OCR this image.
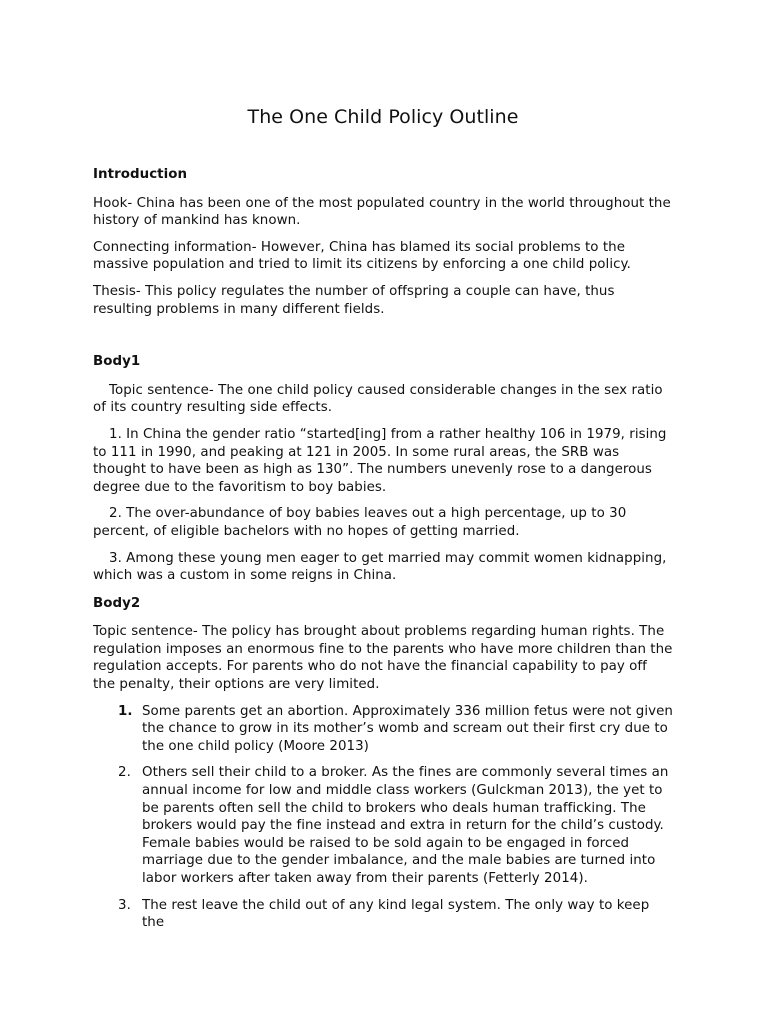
The One Child Policy Outline
Introduction

Hook- China has been one of the most populated country in the world throughout the history of mankind has known.

Connecting information- However, China has blamed its social problems to the massive population and tried to limit its citizens by enforcing a one child policy.

Thesis- This policy regulates the number of offspring a couple can have, thus resulting problems in many different fields.

Body1

Topic sentence- The one child policy caused considerable changes in the sex ratio of its country resulting side effects.

1. In China the gender ratio “started[ing] from a rather healthy 106 in 1979, rising to 111 in 1990, and peaking at 121 in 2005. In some rural areas, the SRB was thought to have been as high as 130”. The numbers unevenly rose to a dangerous degree due to the favoritism to boy babies.

2. The over-abundance of boy babies leaves out a high percentage, up to 30 percent, of eligible bachelors with no hopes of getting married.

3. Among these young men eager to get married may commit women kidnapping, which was a custom in some reigns in China.

Body2

Topic sentence- The policy has brought about problems regarding human rights. The regulation imposes an enormous fine to the parents who have more children than the regulation accepts. For parents who do not have the financial capability to pay off the penalty, their options are very limited.

1. Some parents get an abortion. Approximately 336 million fetus were not given the chance to grow in its mother’s womb and scream out their first cry due to the one child policy (Moore 2013)
2. Others sell their child to a broker. As the fines are commonly several times an annual income for low and middle class workers (Gulckman 2013), the yet to be parents often sell the child to brokers who deals human trafficking. The brokers would pay the fine instead and extra in return for the child’s custody. Female babies would be raised to be sold again to be engaged in forced marriage due to the gender imbalance, and the male babies are turned into labor workers after taken away from their parents (Fetterly 2014).
3. The rest leave the child out of any kind legal system. The only way to keep the
